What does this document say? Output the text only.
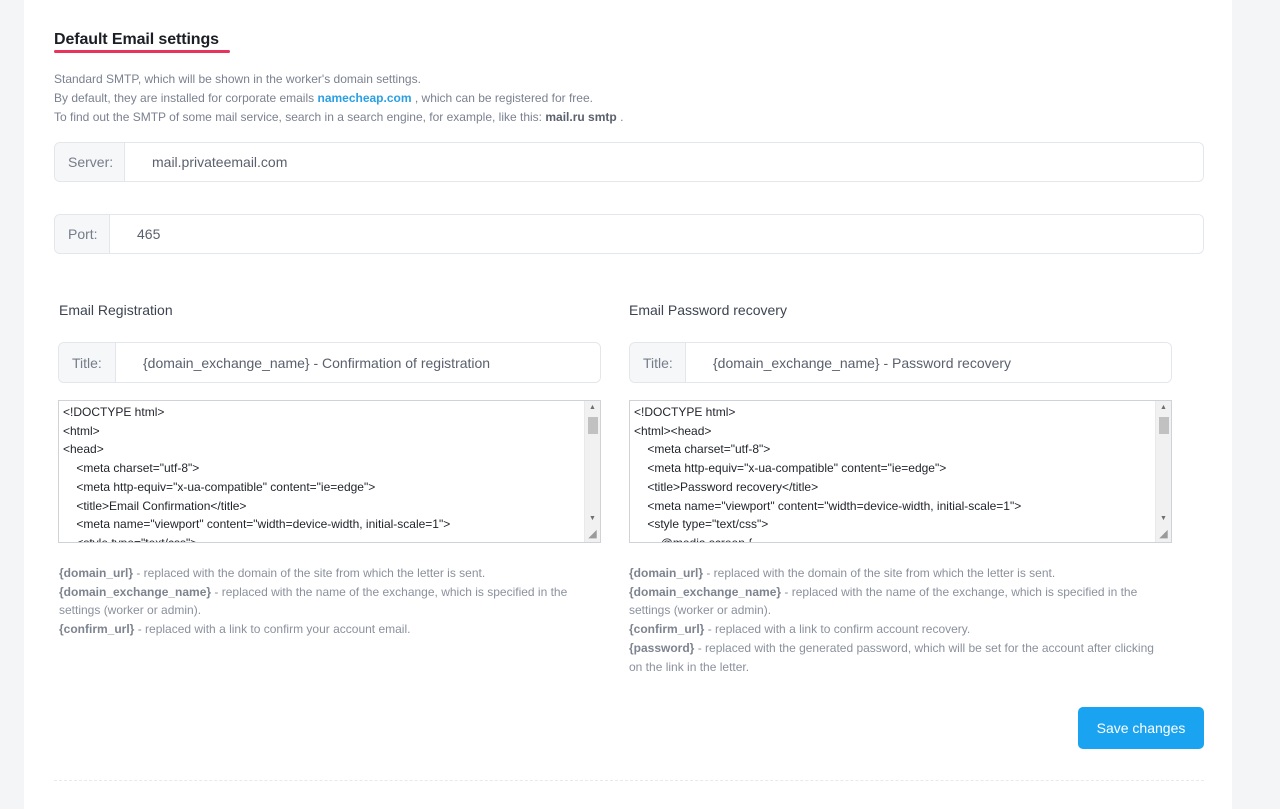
Default Email settings
Standard SMTP, which will be shown in the worker's domain settings.
By default, they are installed for corporate emails namecheap.com , which can be registered for free.
To find out the SMTP of some mail service, search in a search engine, for example, like this: mail.ru smtp .
Server:
mail.privateemail.com
Port:
465
Email Registration
Title:
{domain_exchange_name} - Confirmation of registration
<!DOCTYPE html> <html> <head> <meta charset="utf-8"> <meta http-equiv="x-ua-compatible" content="ie=edge"> <title>Email Confirmation</title> <meta name="viewport" content="width=device-width, initial-scale=1"> <style type="text/css">
▲
▼
◢

{domain_url} - replaced with the domain of the site from which the letter is sent.

{domain_exchange_name} - replaced with the name of the exchange, which is specified in the settings (worker or admin).

{confirm_url} - replaced with a link to confirm your account email.

Email Password recovery
Title:
{domain_exchange_name} - Password recovery
<!DOCTYPE html> <html><head> <meta charset="utf-8"> <meta http-equiv="x-ua-compatible" content="ie=edge"> <title>Password recovery</title> <meta name="viewport" content="width=device-width, initial-scale=1"> <style type="text/css"> @media screen {
▲
▼
◢

{domain_url} - replaced with the domain of the site from which the letter is sent.

{domain_exchange_name} - replaced with the name of the exchange, which is specified in the settings (worker or admin).

{confirm_url} - replaced with a link to confirm account recovery.

{password} - replaced with the generated password, which will be set for the account after clicking on the link in the letter.

Save changes
